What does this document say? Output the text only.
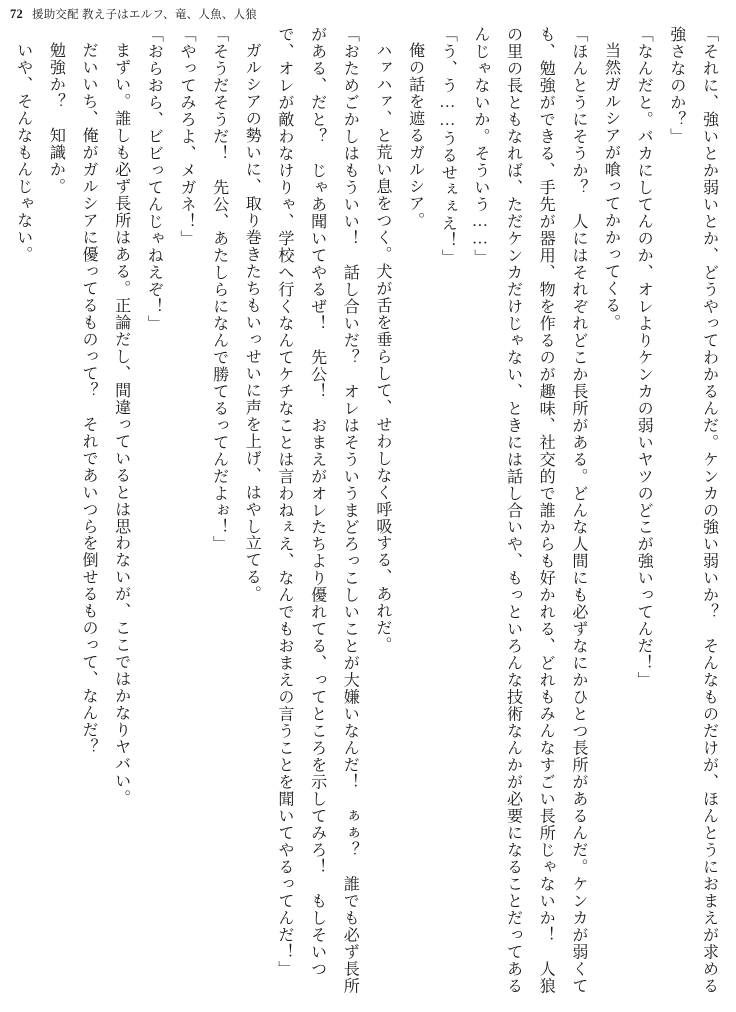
72 援助交配 教え子はエルフ、竜、人魚、人狼

「それに、強いとか弱いとか、どうやってわかるんだ。ケンカの強い弱いか？　そんなものだけが、ほんとうにおまえが求める強さなのか？」

「なんだと。バカにしてんのか、オレよりケンカの弱いヤツのどこが強いってんだ！」

当然ガルシアが喰ってかかってくる。

「ほんとうにそうか？　人にはそれぞれどこか長所がある。どんな人間にも必ずなにかひとつ長所があるんだ。ケンカが弱くても、勉強ができる、手先が器用、物を作るのが趣味、社交的で誰からも好かれる、どれもみんなすごい長所じゃないか！　人狼の里の長ともなれば、ただケンカだけじゃない、ときには話し合いや、もっといろんな技術なんかが必要になることだってあるんじゃないか。そういう……」

「う、う……うるせぇぇえ！」

俺の話を遮るガルシア。

ハァハァ、と荒い息をつく。犬が舌を垂らして、せわしなく呼吸する、あれだ。

「おためごかしはもういい！　話し合いだ？　オレはそういうまどろっこしいことが大嫌いなんだ！　ぁぁ？　誰でも必ず長所がある、だと？　じゃあ聞いてやるぜ！　先公！　おまえがオレたちより優れてる、ってところを示してみろ！　もしそいつで、オレが敵わなけりゃ、学校へ行くなんてケチなことは言わねぇえ、なんでもおまえの言うことを聞いてやるってんだ！」

ガルシアの勢いに、取り巻きたちもいっせいに声を上げ、はやし立てる。

「そうだそうだ！　先公、あたしらになんで勝てるってんだよぉ！」

「やってみろよ、メガネ！」

「おらおら、ビビってんじゃねえぞ！」

まずい。誰しも必ず長所はある。正論だし、間違っているとは思わないが、ここではかなりヤバい。

だいいち、俺がガルシアに優ってるものって？　それであいつらを倒せるものって、なんだ？

勉強か？　知識か。

いや、そんなもんじゃない。
